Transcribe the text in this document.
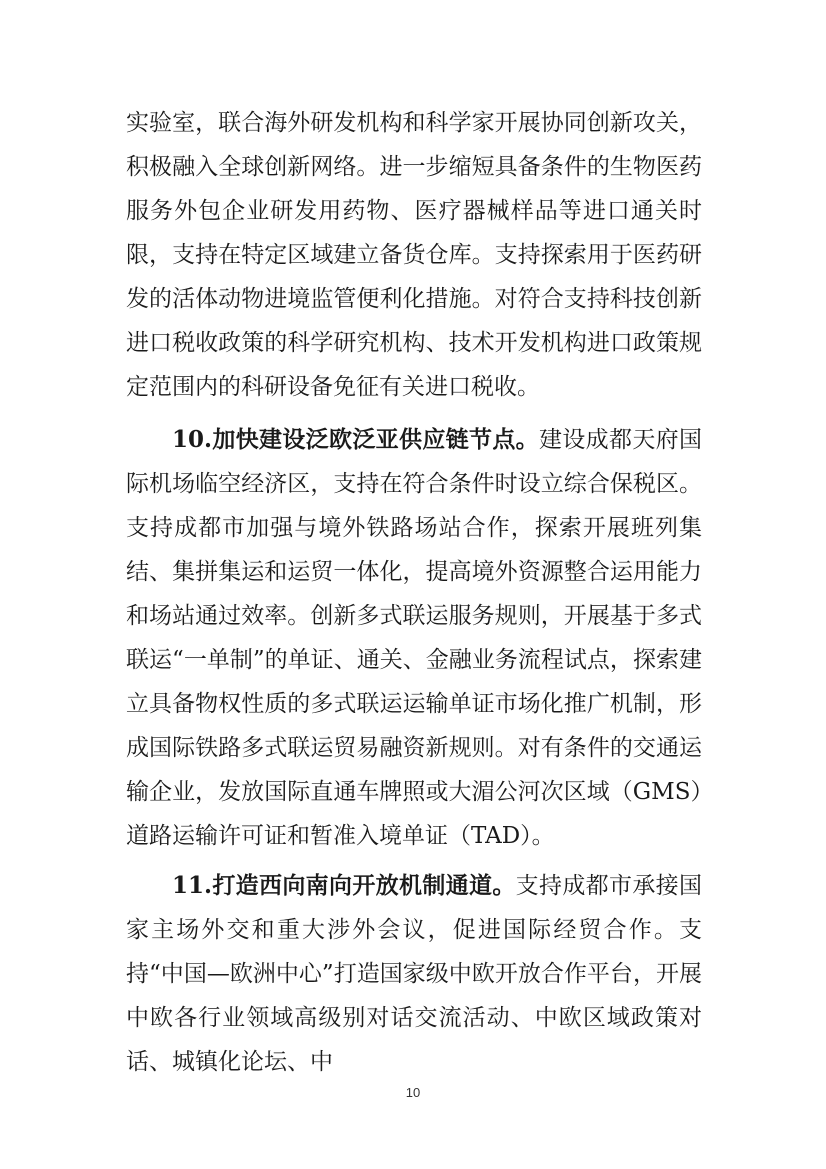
实验室，联合海外研发机构和科学家开展协同创新攻关，积极融入全球创新网络。进一步缩短具备条件的生物医药服务外包企业研发用药物、医疗器械样品等进口通关时限，支持在特定区域建立备货仓库。支持探索用于医药研发的活体动物进境监管便利化措施。对符合支持科技创新进口税收政策的科学研究机构、技术开发机构进口政策规定范围内的科研设备免征有关进口税收。

10.加快建设泛欧泛亚供应链节点。建设成都天府国际机场临空经济区，支持在符合条件时设立综合保税区。支持成都市加强与境外铁路场站合作，探索开展班列集结、集拼集运和运贸一体化，提高境外资源整合运用能力和场站通过效率。创新多式联运服务规则，开展基于多式联运“一单制”的单证、通关、金融业务流程试点，探索建立具备物权性质的多式联运运输单证市场化推广机制，形成国际铁路多式联运贸易融资新规则。对有条件的交通运输企业，发放国际直通车牌照或大湄公河次区域（GMS）道路运输许可证和暂准入境单证（TAD）。

11.打造西向南向开放机制通道。支持成都市承接国家主场外交和重大涉外会议，促进国际经贸合作。支持“中国—欧洲中心”打造国家级中欧开放合作平台，开展中欧各行业领域高级别对话交流活动、中欧区域政策对话、城镇化论坛、中

10
